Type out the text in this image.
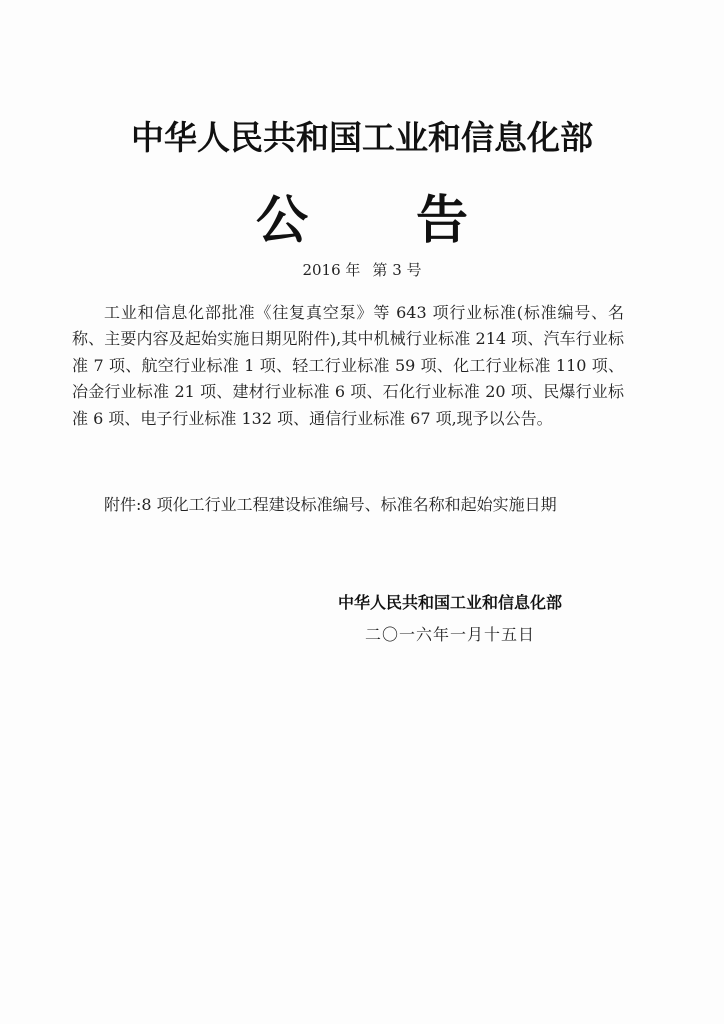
中华人民共和国工业和信息化部
公 告
2016 年 第 3 号

工业和信息化部批准《往复真空泵》等 643 项行业标准(标准编号、名称、主要内容及起始实施日期见附件),其中机械行业标准 214 项、汽车行业标准 7 项、航空行业标准 1 项、轻工行业标准 59 项、化工行业标准 110 项、冶金行业标准 21 项、建材行业标准 6 项、石化行业标准 20 项、民爆行业标准 6 项、电子行业标准 132 项、通信行业标准 67 项,现予以公告。

附件:8 项化工行业工程建设标准编号、标准名称和起始实施日期

中华人民共和国工业和信息化部
二〇一六年一月十五日
